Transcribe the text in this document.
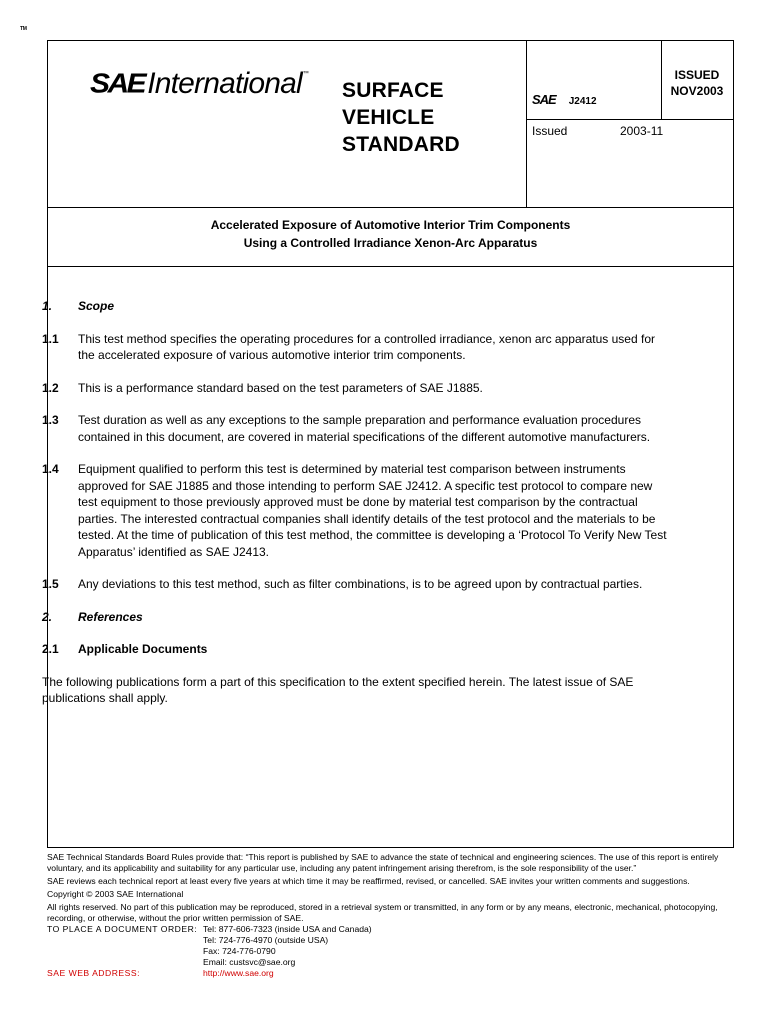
TM
SAE International ™
SURFACE
VEHICLE
STANDARD
SAE J2412
ISSUED
NOV2003
Issued	2003-11
Accelerated Exposure of Automotive Interior Trim Components
Using a Controlled Irradiance Xenon-Arc Apparatus
1.	Scope
1.1	This test method specifies the operating procedures for a controlled irradiance, xenon arc apparatus used for the accelerated exposure of various automotive interior trim components.
1.2	This is a performance standard based on the test parameters of SAE J1885.
1.3	Test duration as well as any exceptions to the sample preparation and performance evaluation procedures contained in this document, are covered in material specifications of the different automotive manufacturers.
1.4	Equipment qualified to perform this test is determined by material test comparison between instruments approved for SAE J1885 and those intending to perform SAE J2412. A specific test protocol to compare new test equipment to those previously approved must be done by material test comparison by the contractual parties. The interested contractual companies shall identify details of the test protocol and the materials to be tested. At the time of publication of this test method, the committee is developing a ‘Protocol To Verify New Test Apparatus’ identified as SAE J2413.
1.5	Any deviations to this test method, such as filter combinations, is to be agreed upon by contractual parties.
2.	References
2.1	Applicable Documents
The following publications form a part of this specification to the extent specified herein. The latest issue of SAE publications shall apply.

SAE Technical Standards Board Rules provide that: “This report is published by SAE to advance the state of technical and engineering sciences. The use of this report is entirely voluntary, and its applicability and suitability for any particular use, including any patent infringement arising therefrom, is the sole responsibility of the user.”

SAE reviews each technical report at least every five years at which time it may be reaffirmed, revised, or cancelled. SAE invites your written comments and suggestions.

Copyright © 2003 SAE International

All rights reserved. No part of this publication may be reproduced, stored in a retrieval system or transmitted, in any form or by any means, electronic, mechanical, photocopying, recording, or otherwise, without the prior written permission of SAE.

TO PLACE A DOCUMENT ORDER: Tel: 877-606-7323 (inside USA and Canada)
Tel: 724-776-4970 (outside USA)
Fax: 724-776-0790
Email: custsvc@sae.org
SAE WEB ADDRESS:	http://www.sae.org
